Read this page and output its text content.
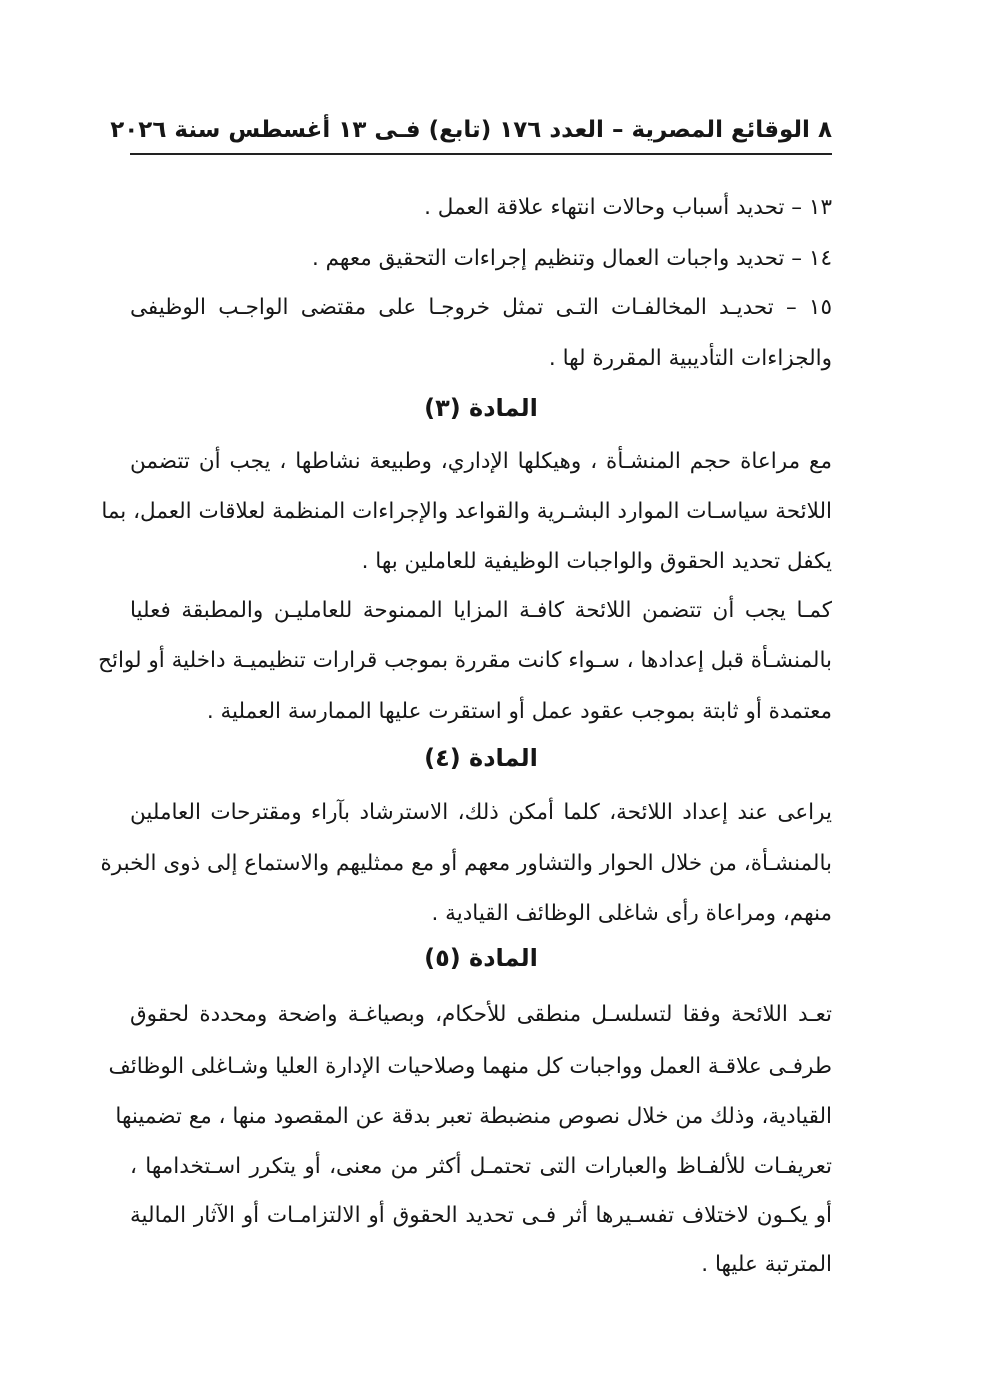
٨ الوقائع المصرية – العدد ١٧٦ (تابع) فـى ١٣ أغسطس سنة ٢٠٢٦
١٣ – تحديد أسباب وحالات انتهاء علاقة العمل .
١٤ – تحديد واجبات العمال وتنظيم إجراءات التحقيق معهم .
١٥ – تحديـد المخالفـات التـى تمثل خروجـا على مقتضى الواجـب الوظيفى
والجزاءات التأديبية المقررة لها .
المادة (٣)
مع مراعاة حجم المنشـأة ، وهيكلها الإداري، وطبيعة نشاطها ، يجب أن تتضمن
اللائحة سياسـات الموارد البشـرية والقواعد والإجراءات المنظمة لعلاقات العمل، بما
يكفل تحديد الحقوق والواجبات الوظيفية للعاملين بها .
كمـا يجب أن تتضمن اللائحة كافـة المزايا الممنوحة للعامليـن والمطبقة فعليا
بالمنشـأة قبل إعدادها ، سـواء كانت مقررة بموجب قرارات تنظيميـة داخلية أو لوائح
معتمدة أو ثابتة بموجب عقود عمل أو استقرت عليها الممارسة العملية .
المادة (٤)
يراعى عند إعداد اللائحة، كلما أمكن ذلك، الاسترشاد بآراء ومقترحات العاملين
بالمنشـأة، من خلال الحوار والتشاور معهم أو مع ممثليهم والاستماع إلى ذوى الخبرة
منهم، ومراعاة رأى شاغلى الوظائف القيادية .
المادة (٥)
تعـد اللائحة وفقا لتسلسـل منطقى للأحكام، وبصياغـة واضحة ومحددة لحقوق
طرفـى علاقـة العمل وواجبات كل منهما وصلاحيات الإدارة العليا وشـاغلى الوظائف
القيادية، وذلك من خلال نصوص منضبطة تعبر بدقة عن المقصود منها ، مع تضمينها
تعريفـات للألفـاظ والعبارات التى تحتمـل أكثر من معنى، أو يتكرر اسـتخدامها ،
أو يكـون لاختلاف تفسـيرها أثر فـى تحديد الحقوق أو الالتزامـات أو الآثار المالية
المترتبة عليها .
